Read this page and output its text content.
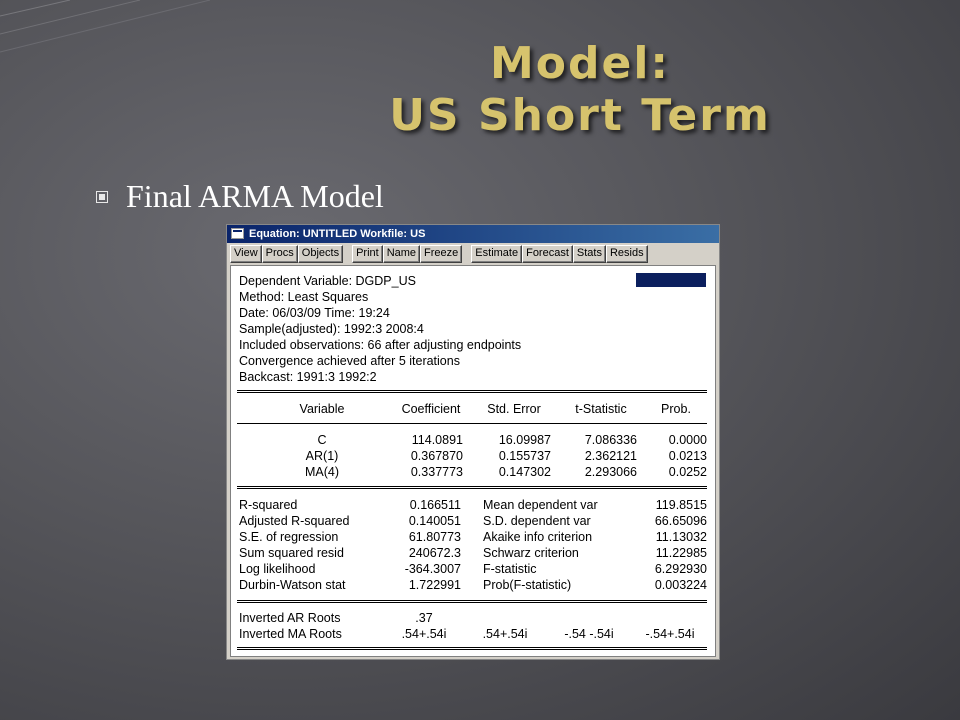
Model:
US Short Term
Final ARMA Model
Equation: UNTITLED Workfile: US
View Procs Objects	Print Name Freeze	Estimate Forecast Stats Resids
Dependent Variable: DGDP_US
Method: Least Squares
Date: 06/03/09 Time: 19:24
Sample(adjusted): 1992:3 2008:4
Included observations: 66 after adjusting endpoints
Convergence achieved after 5 iterations
Backcast: 1991:3 1992:2
Variable	Coefficient	Std. Error	t-Statistic	Prob.
C	114.0891	16.09987	7.086336	0.0000
AR(1)	0.367870	0.155737	2.362121	0.0213
MA(4)	0.337773	0.147302	2.293066	0.0252
R-squared	0.166511 Mean dependent var	119.8515
Adjusted R-squared	0.140051 S.D. dependent var	66.65096
S.E. of regression	61.80773 Akaike info criterion	11.13032
Sum squared resid	240672.3 Schwarz criterion	11.22985
Log likelihood	-364.3007 F-statistic	6.292930
Durbin-Watson stat	1.722991 Prob(F-statistic)	0.003224
Inverted AR Roots	.37
Inverted MA Roots	.54+.54i	.54+.54i	-.54 -.54i	-.54+.54i
